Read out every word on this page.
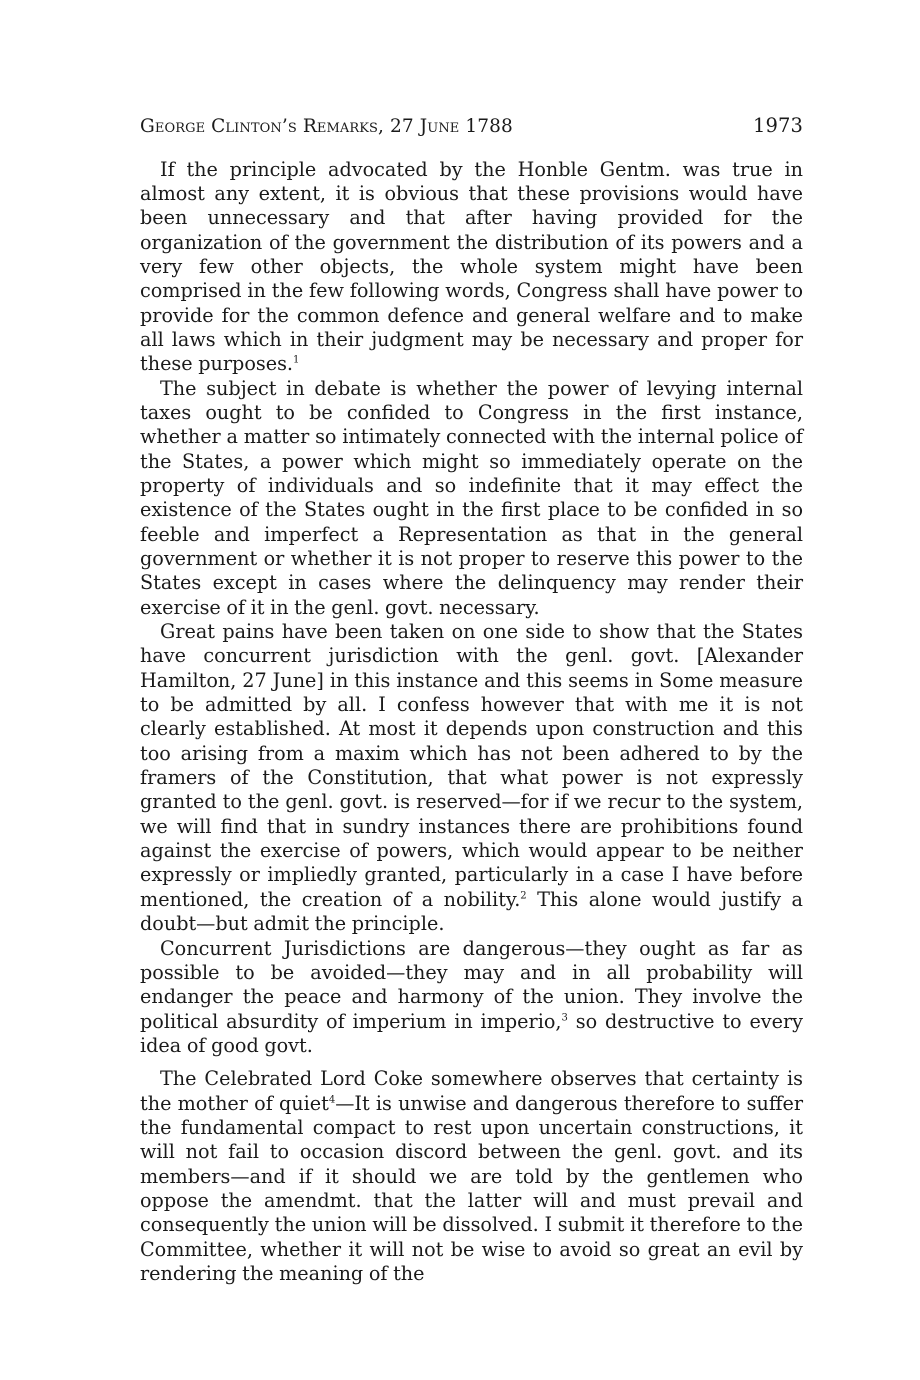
George Clinton’s Remarks, 27 June 1788	1973

If the principle advocated by the Honble Gentm. was true in almost any extent, it is obvious that these provisions would have been unnecessary and that after having provided for the organization of the government the distribution of its powers and a very few other objects, the whole system might have been comprised in the few following words, Congress shall have power to provide for the common defence and general welfare and to make all laws which in their judgment may be necessary and proper for these purposes.$^1$

The subject in debate is whether the power of levying internal taxes ought to be confided to Congress in the first instance, whether a matter so intimately connected with the internal police of the States, a power which might so immediately operate on the property of individuals and so indefinite that it may effect the existence of the States ought in the first place to be confided in so feeble and imperfect a Representation as that in the general government or whether it is not proper to reserve this power to the States except in cases where the delinquency may render their exercise of it in the genl. govt. necessary.

Great pains have been taken on one side to show that the States have concurrent jurisdiction with the genl. govt. [Alexander Hamilton, 27 June] in this instance and this seems in Some measure to be admitted by all. I confess however that with me it is not clearly established. At most it depends upon construction and this too arising from a maxim which has not been adhered to by the framers of the Constitution, that what power is not expressly granted to the genl. govt. is reserved—for if we recur to the system, we will find that in sundry instances there are prohibitions found against the exercise of powers, which would appear to be neither expressly or impliedly granted, particularly in a case I have before mentioned, the creation of a nobility.$^2$ This alone would justify a doubt—but admit the principle.

Concurrent Jurisdictions are dangerous—they ought as far as possible to be avoided—they may and in all probability will endanger the peace and harmony of the union. They involve the political absurdity of imperium in imperio,$^3$ so destructive to every idea of good govt.

The Celebrated Lord Coke somewhere observes that certainty is the mother of quiet$^4$—It is unwise and dangerous therefore to suffer the fundamental compact to rest upon uncertain constructions, it will not fail to occasion discord between the genl. govt. and its members—and if it should we are told by the gentlemen who oppose the amendmt. that the latter will and must prevail and consequently the union will be dissolved. I submit it therefore to the Committee, whether it will not be wise to avoid so great an evil by rendering the meaning of the
